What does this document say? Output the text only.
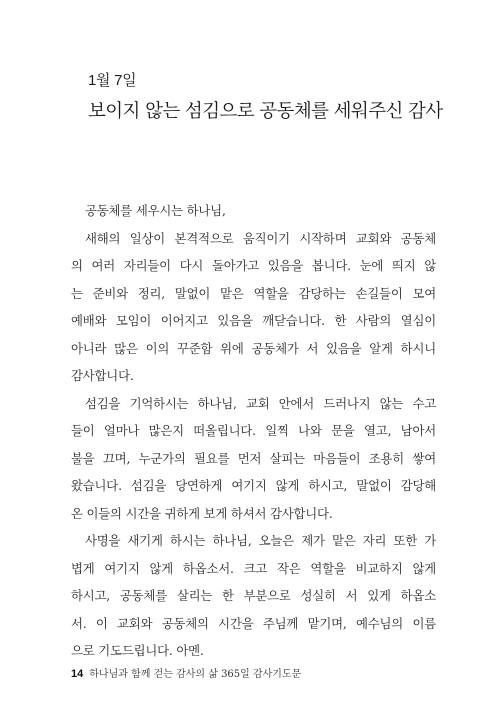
1월 7일
보이지 않는 섬김으로 공동체를 세워주신 감사
공동체를 세우시는 하나님,
새해의 일상이 본격적으로 움직이기 시작하며 교회와 공동체
의 여러 자리들이 다시 돌아가고 있음을 봅니다. 눈에 띄지 않
는 준비와 정리, 말없이 맡은 역할을 감당하는 손길들이 모여
예배와 모임이 이어지고 있음을 깨닫습니다. 한 사람의 열심이
아니라 많은 이의 꾸준함 위에 공동체가 서 있음을 알게 하시니
감사합니다.
섬김을 기억하시는 하나님, 교회 안에서 드러나지 않는 수고
들이 얼마나 많은지 떠올립니다. 일찍 나와 문을 열고, 남아서
불을 끄며, 누군가의 필요를 먼저 살피는 마음들이 조용히 쌓여
왔습니다. 섬김을 당연하게 여기지 않게 하시고, 말없이 감당해
온 이들의 시간을 귀하게 보게 하셔서 감사합니다.
사명을 새기게 하시는 하나님, 오늘은 제가 맡은 자리 또한 가
볍게 여기지 않게 하옵소서. 크고 작은 역할을 비교하지 않게
하시고, 공동체를 살리는 한 부분으로 성실히 서 있게 하옵소
서. 이 교회와 공동체의 시간을 주님께 맡기며, 예수님의 이름
으로 기도드립니다. 아멘.
14 하나님과 함께 걷는 감사의 삶 365일 감사기도문
